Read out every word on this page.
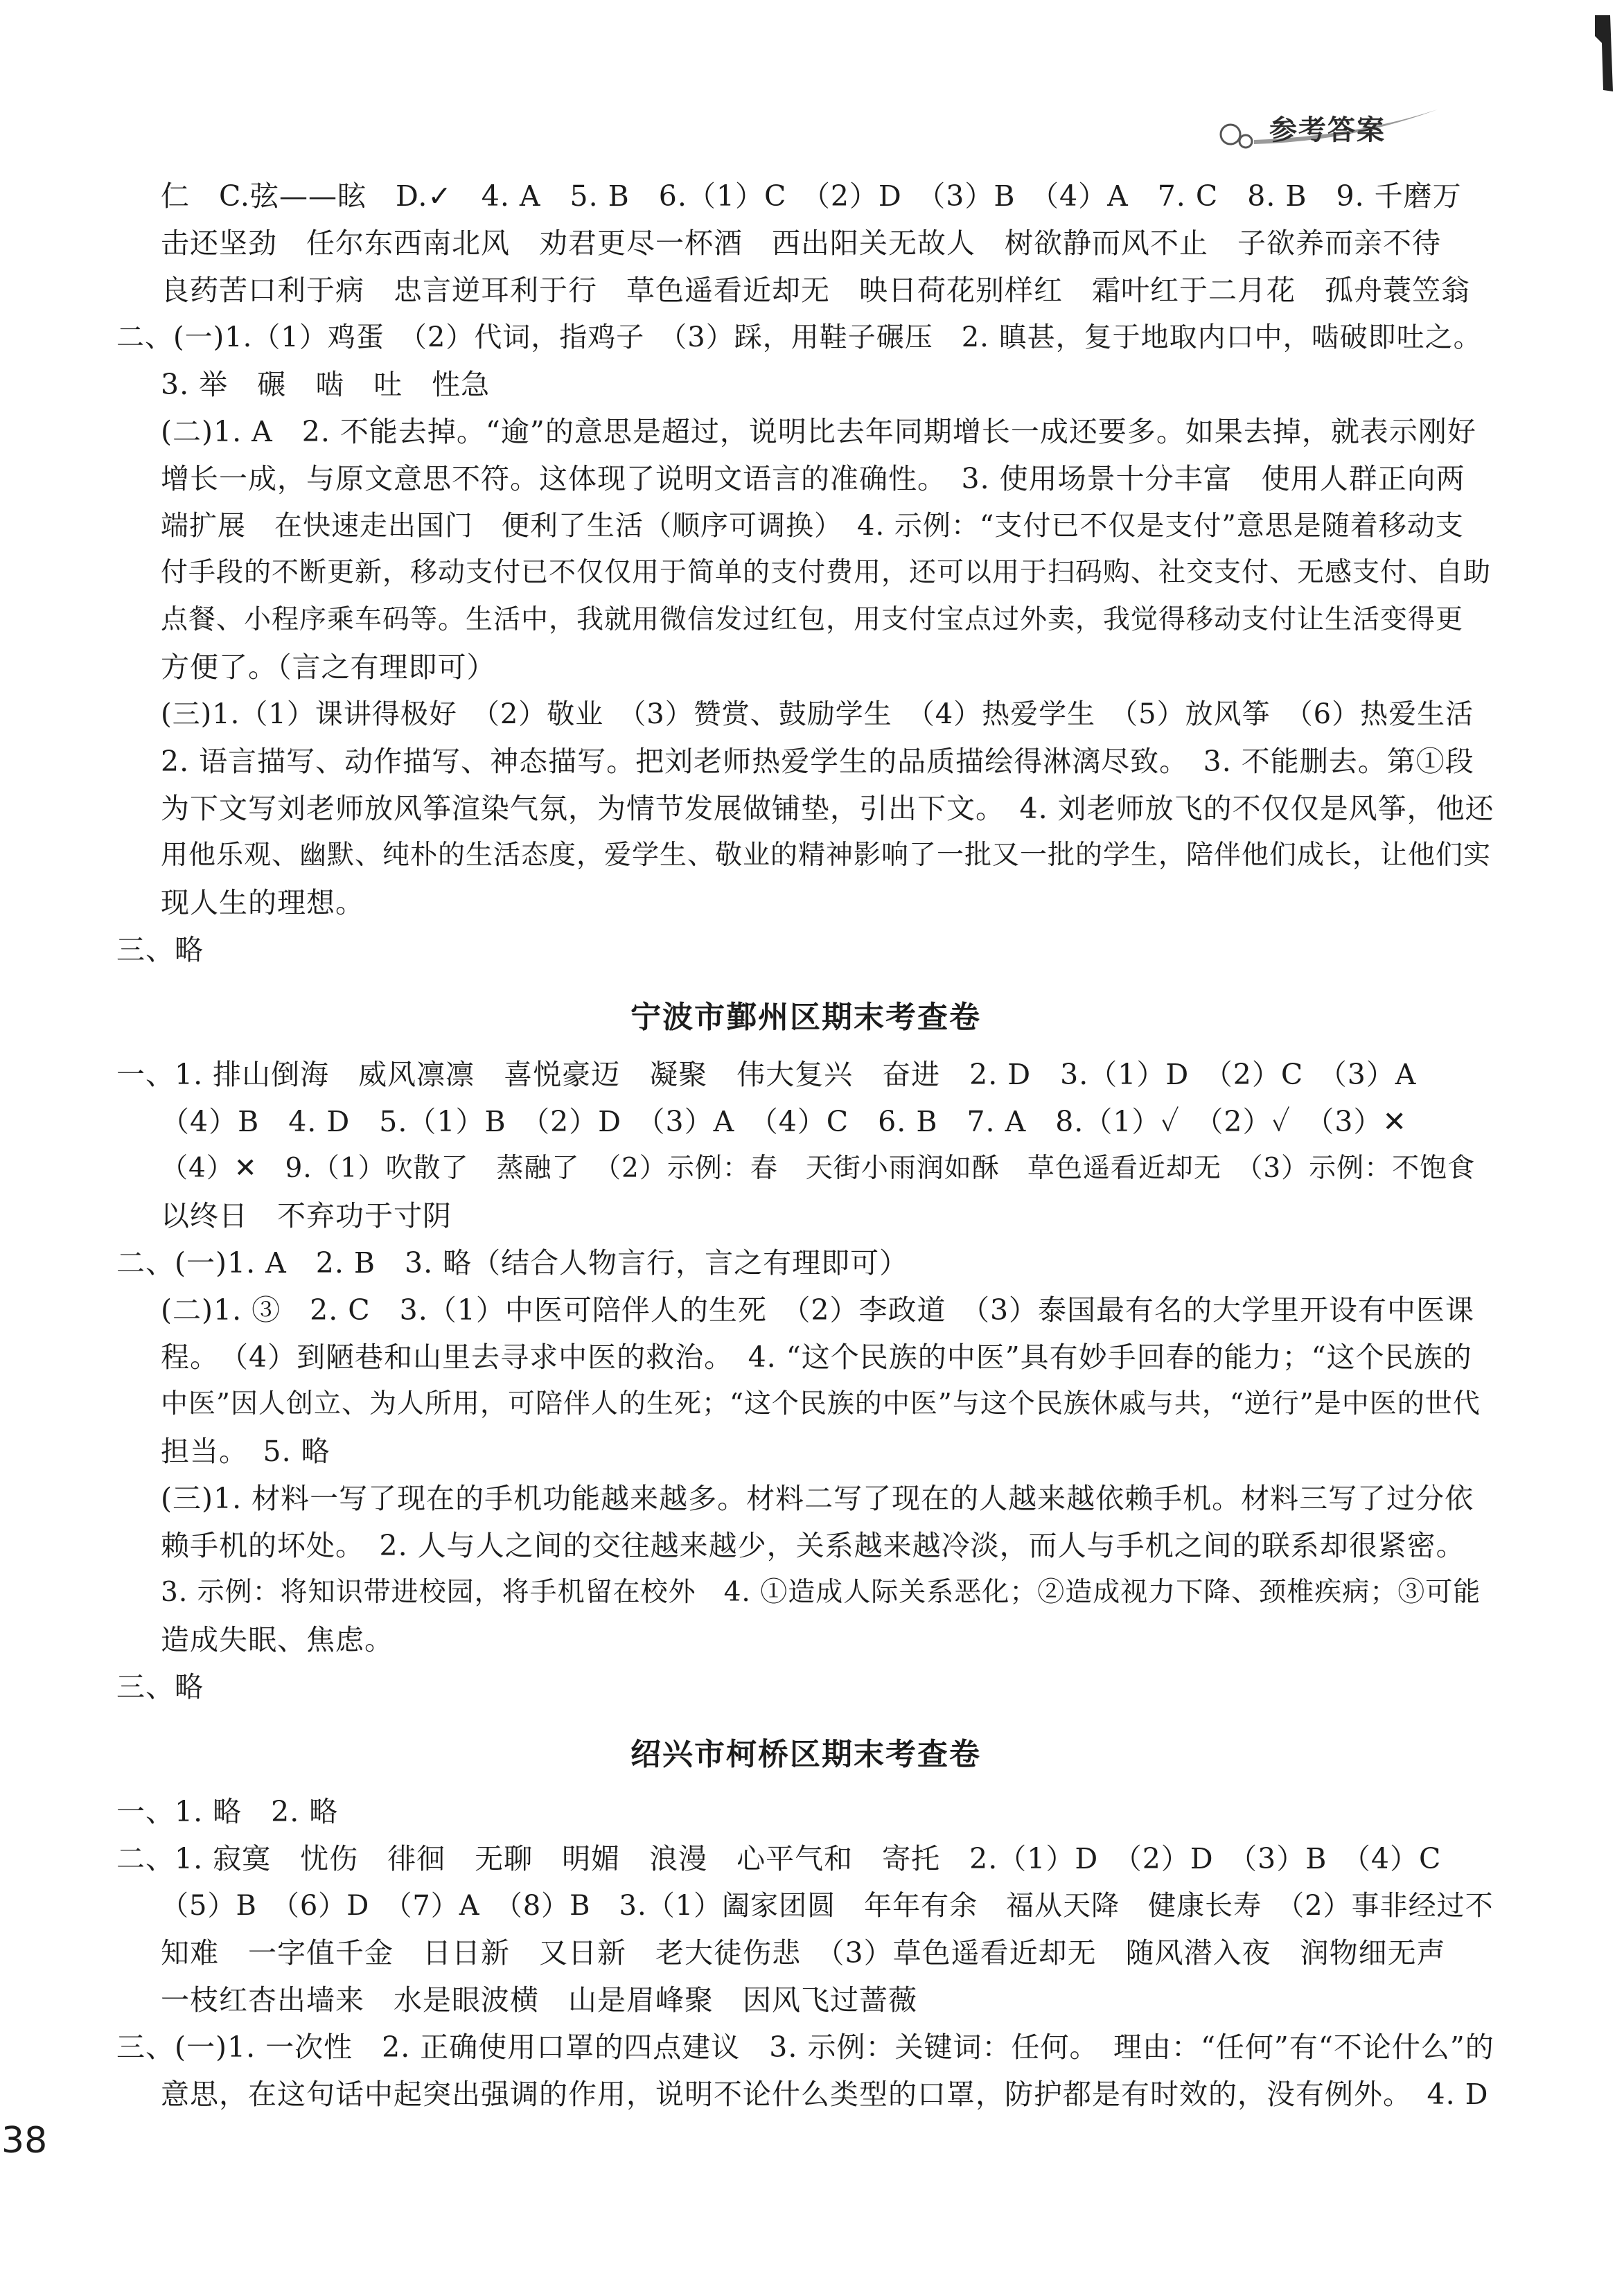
参考答案
仁　C.弦——眩　D.✓　4. A　5. B　6.（1）C　（2）D　（3）B　（4）A　7. C　8. B　9. 千磨万
击还坚劲　任尔东西南北风　劝君更尽一杯酒　西出阳关无故人　树欲静而风不止　子欲养而亲不待
良药苦口利于病　忠言逆耳利于行　草色遥看近却无　映日荷花别样红　霜叶红于二月花　孤舟蓑笠翁
二、(一)1.（1）鸡蛋　（2）代词，指鸡子　（3）踩，用鞋子碾压　2. 瞋甚，复于地取内口中，啮破即吐之。
3. 举　碾　啮　吐　性急
(二)1. A　2. 不能去掉。“逾”的意思是超过，说明比去年同期增长一成还要多。如果去掉，就表示刚好
增长一成，与原文意思不符。这体现了说明文语言的准确性。　3. 使用场景十分丰富　使用人群正向两
端扩展　在快速走出国门　便利了生活（顺序可调换）　4. 示例：“支付已不仅是支付”意思是随着移动支
付手段的不断更新，移动支付已不仅仅用于简单的支付费用，还可以用于扫码购、社交支付、无感支付、自助
点餐、小程序乘车码等。生活中，我就用微信发过红包，用支付宝点过外卖，我觉得移动支付让生活变得更
方便了。（言之有理即可）
(三)1.（1）课讲得极好　（2）敬业　（3）赞赏、鼓励学生　（4）热爱学生　（5）放风筝　（6）热爱生活
2. 语言描写、动作描写、神态描写。把刘老师热爱学生的品质描绘得淋漓尽致。　3. 不能删去。第①段
为下文写刘老师放风筝渲染气氛，为情节发展做铺垫，引出下文。　4. 刘老师放飞的不仅仅是风筝，他还
用他乐观、幽默、纯朴的生活态度，爱学生、敬业的精神影响了一批又一批的学生，陪伴他们成长，让他们实
现人生的理想。
三、略
宁波市鄞州区期末考查卷
一、1. 排山倒海　威风凛凛　喜悦豪迈　凝聚　伟大复兴　奋进　2. D　3.（1）D　（2）C　（3）A
（4）B　4. D　5.（1）B　（2）D　（3）A　（4）C　6. B　7. A　8.（1）✓　（2）✓　（3）✕
（4）✕　9.（1）吹散了　蒸融了　（2）示例：春　天街小雨润如酥　草色遥看近却无　（3）示例：不饱食
以终日　不弃功于寸阴
二、(一)1. A　2. B　3. 略（结合人物言行，言之有理即可）
(二)1. ③　2. C　3.（1）中医可陪伴人的生死　（2）李政道　（3）泰国最有名的大学里开设有中医课
程。　（4）到陋巷和山里去寻求中医的救治。　4. “这个民族的中医”具有妙手回春的能力；“这个民族的
中医”因人创立、为人所用，可陪伴人的生死；“这个民族的中医”与这个民族休戚与共，“逆行”是中医的世代
担当。　5. 略
(三)1. 材料一写了现在的手机功能越来越多。材料二写了现在的人越来越依赖手机。材料三写了过分依
赖手机的坏处。　2. 人与人之间的交往越来越少，关系越来越冷淡，而人与手机之间的联系却很紧密。
3. 示例：将知识带进校园，将手机留在校外　4. ①造成人际关系恶化；②造成视力下降、颈椎疾病；③可能
造成失眠、焦虑。
三、略
绍兴市柯桥区期末考查卷
一、1. 略　2. 略
二、1. 寂寞　忧伤　徘徊　无聊　明媚　浪漫　心平气和　寄托　2.（1）D　（2）D　（3）B　（4）C
（5）B　（6）D　（7）A　（8）B　3.（1）阖家团圆　年年有余　福从天降　健康长寿　（2）事非经过不
知难　一字值千金　日日新　又日新　老大徒伤悲　（3）草色遥看近却无　随风潜入夜　润物细无声
一枝红杏出墙来　水是眼波横　山是眉峰聚　因风飞过蔷薇
三、(一)1. 一次性　2. 正确使用口罩的四点建议　3. 示例：关键词：任何。　理由：“任何”有“不论什么”的
意思，在这句话中起突出强调的作用，说明不论什么类型的口罩，防护都是有时效的，没有例外。　4. D
38
